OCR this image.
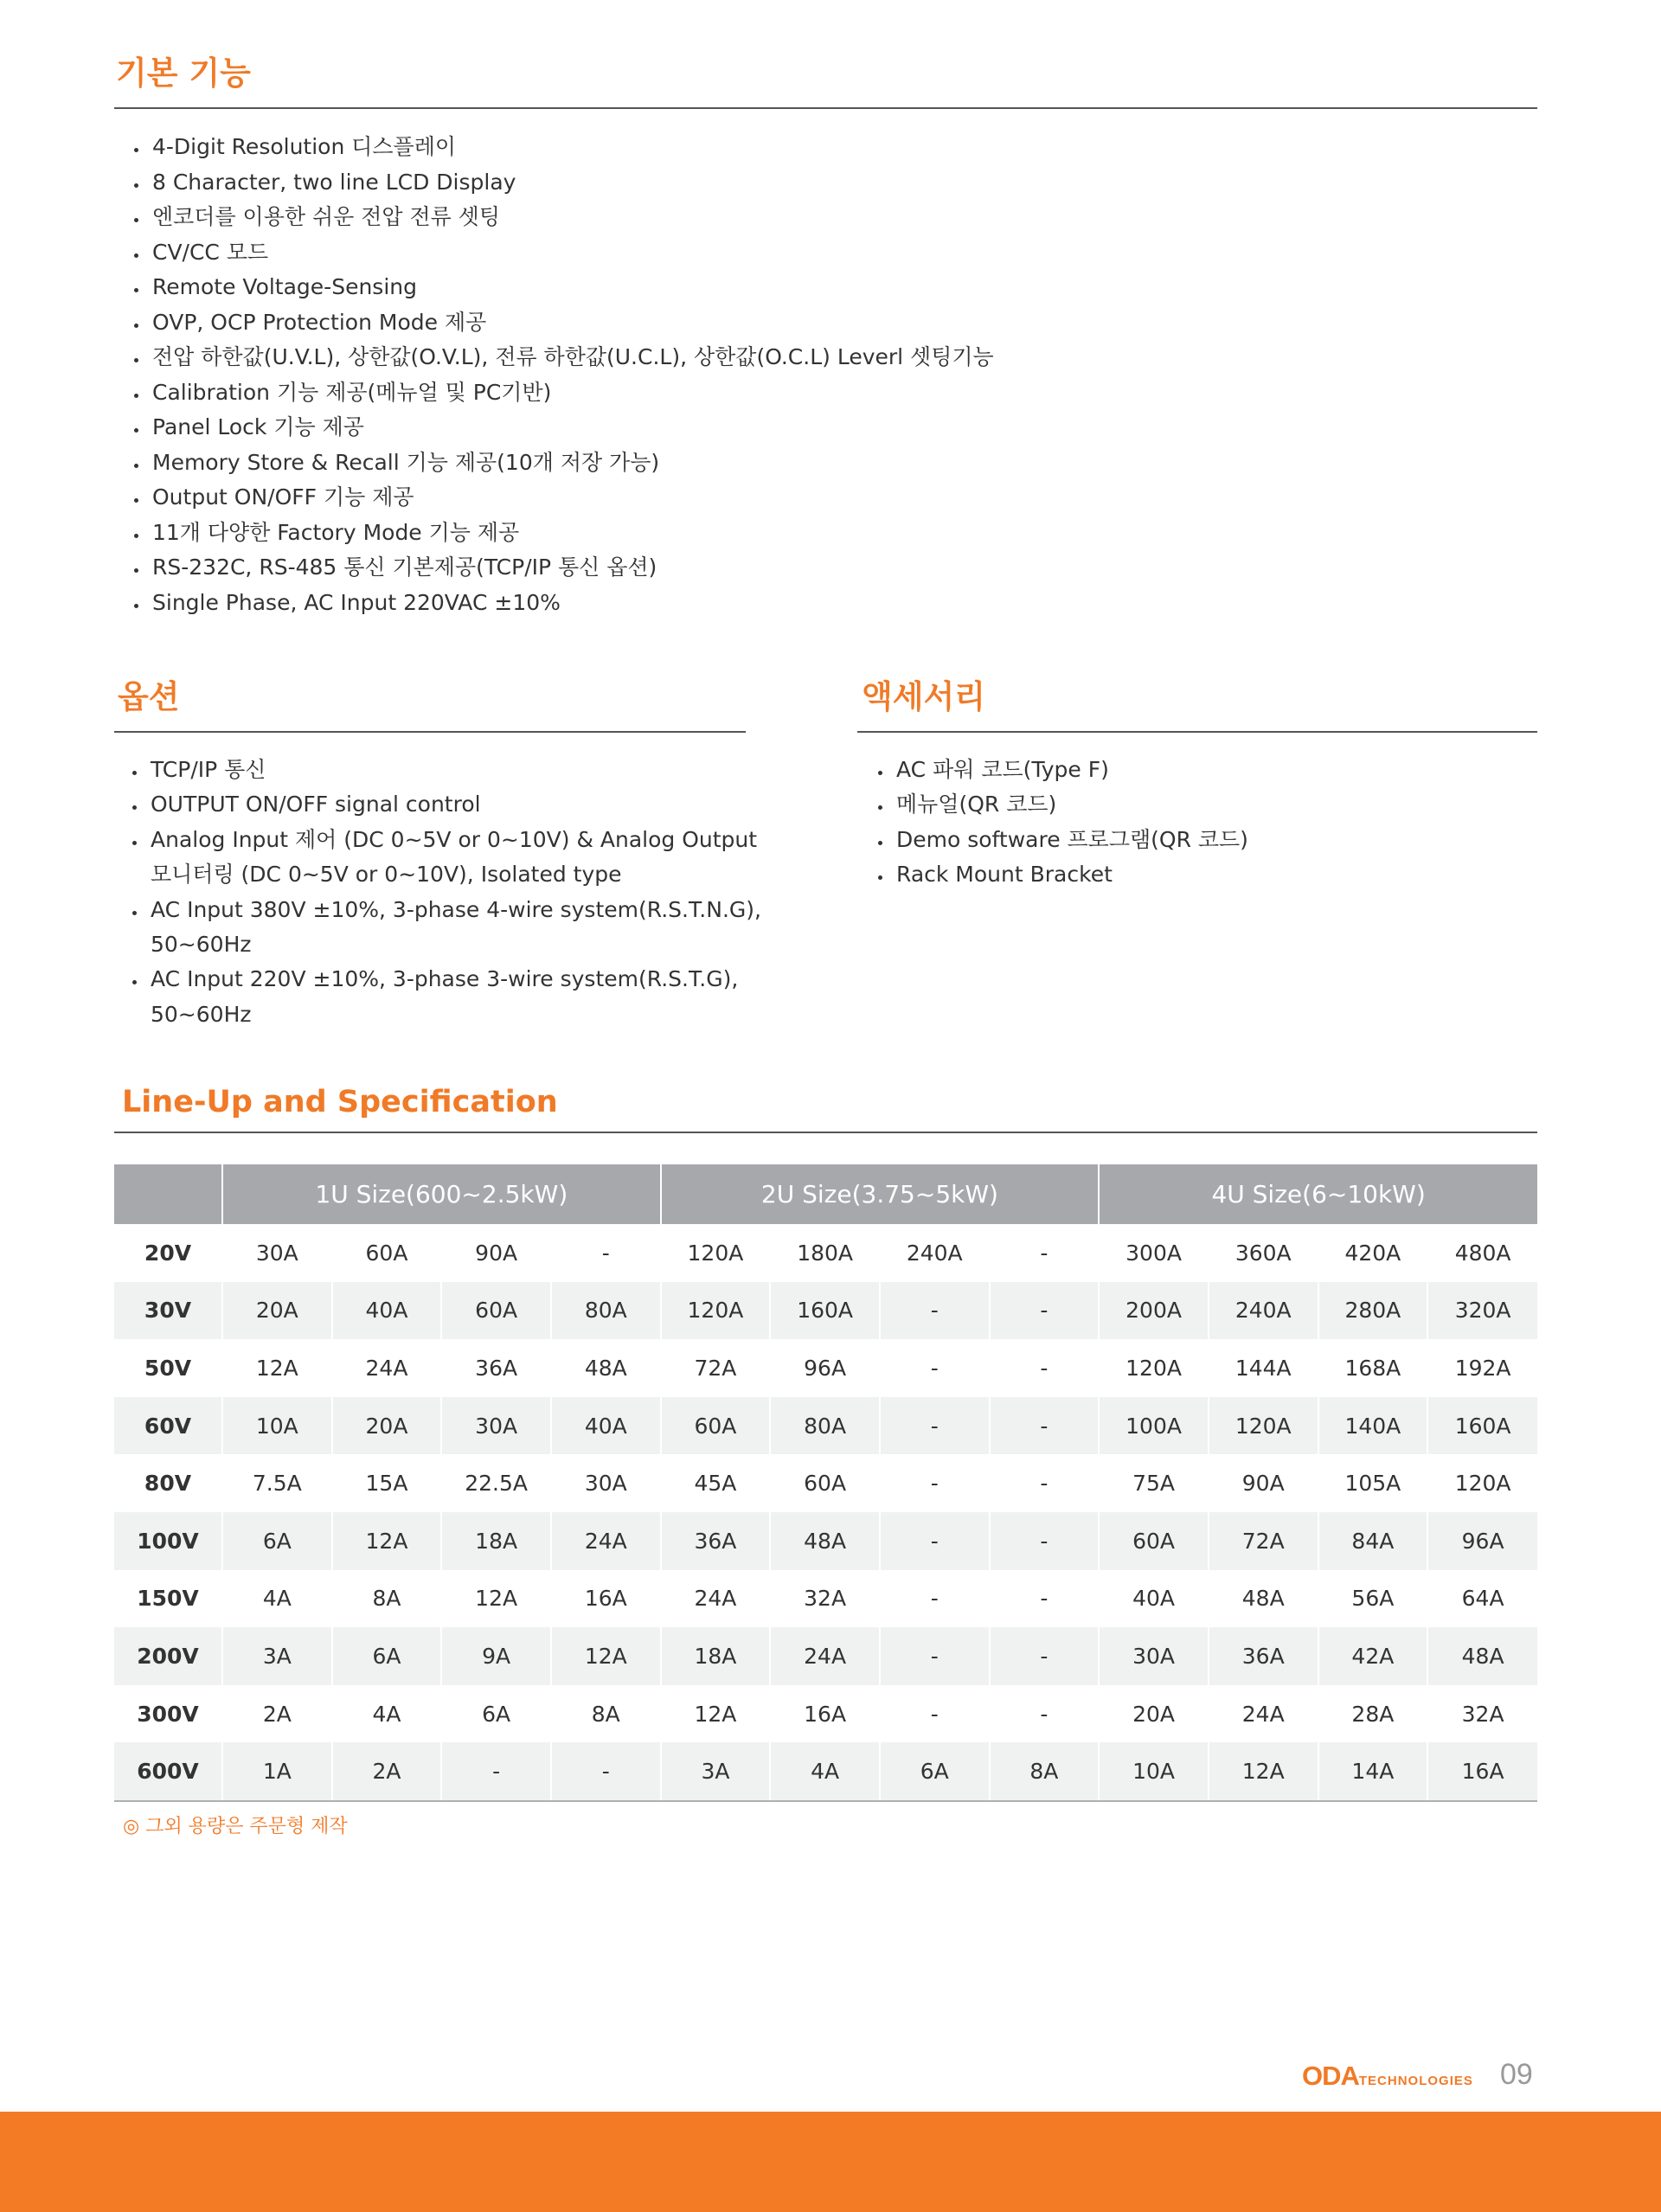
기본 기능
• 4-Digit Resolution 디스플레이
• 8 Character, two line LCD Display
• 엔코더를 이용한 쉬운 전압 전류 셋팅
• CV/CC 모드
• Remote Voltage-Sensing
• OVP, OCP Protection Mode 제공
• 전압 하한값(U.V.L), 상한값(O.V.L), 전류 하한값(U.C.L), 상한값(O.C.L) Leverl 셋팅기능
• Calibration 기능 제공(메뉴얼 및 PC기반)
• Panel Lock 기능 제공
• Memory Store & Recall 기능 제공(10개 저장 가능)
• Output ON/OFF 기능 제공
• 11개 다양한 Factory Mode 기능 제공
• RS-232C, RS-485 통신 기본제공(TCP/IP 통신 옵션)
• Single Phase, AC Input 220VAC ±10%
옵션
• TCP/IP 통신
• OUTPUT ON/OFF signal control
• Analog Input 제어 (DC 0~5V or 0~10V) & Analog Output 모니터링 (DC 0~5V or 0~10V), Isolated type
• AC Input 380V ±10%, 3-phase 4-wire system(R.S.T.N.G), 50~60Hz
• AC Input 220V ±10%, 3-phase 3-wire system(R.S.T.G), 50~60Hz
액세서리
• AC 파워 코드(Type F)
• 메뉴얼(QR 코드)
• Demo software 프로그램(QR 코드)
• Rack Mount Bracket
Line-Up and Specification
	1U Size(600~2.5kW)				2U Size(3.75~5kW)				4U Size(6~10kW)			
20V	30A	60A	90A	-	120A	180A	240A	-	300A	360A	420A	480A
30V	20A	40A	60A	80A	120A	160A	-	-	200A	240A	280A	320A
50V	12A	24A	36A	48A	72A	96A	-	-	120A	144A	168A	192A
60V	10A	20A	30A	40A	60A	80A	-	-	100A	120A	140A	160A
80V	7.5A	15A	22.5A	30A	45A	60A	-	-	75A	90A	105A	120A
100V	6A	12A	18A	24A	36A	48A	-	-	60A	72A	84A	96A
150V	4A	8A	12A	16A	24A	32A	-	-	40A	48A	56A	64A
200V	3A	6A	9A	12A	18A	24A	-	-	30A	36A	42A	48A
300V	2A	4A	6A	8A	12A	16A	-	-	20A	24A	28A	32A
600V	1A	2A	-	-	3A	4A	6A	8A	10A	12A	14A	16A

◎ 그외 용량은 주문형 제작

ODATECHNOLOGIES 09
